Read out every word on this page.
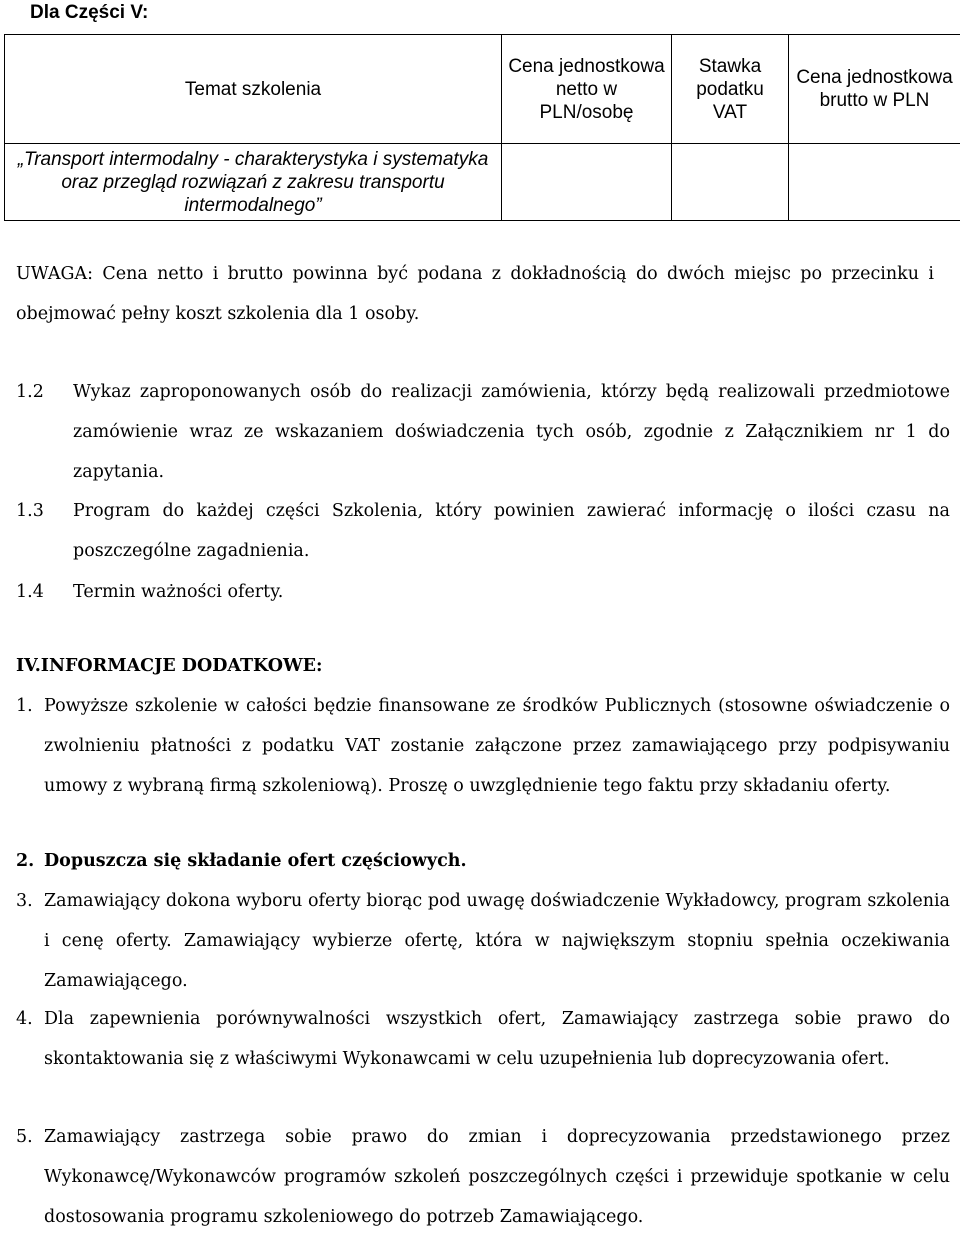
Dla Części V:
Temat szkolenia	Cena jednostkowa netto w PLN/osobę	Stawka podatku VAT	Cena jednostkowa brutto w PLN
„Transport intermodalny - charakterystyka i systematyka oraz przegląd rozwiązań z zakresu transportu intermodalnego”			
UWAGA: Cena netto i brutto powinna być podana z dokładnością do dwóch miejsc po przecinku i obejmować pełny koszt szkolenia dla 1 osoby.
1.2 Wykaz zaproponowanych osób do realizacji zamówienia, którzy będą realizowali przedmiotowe zamówienie wraz ze wskazaniem doświadczenia tych osób, zgodnie z Załącznikiem nr 1 do zapytania.
1.3 Program do każdej części Szkolenia, który powinien zawierać informację o ilości czasu na poszczególne zagadnienia.
1.4 Termin ważności oferty.
IV.INFORMACJE DODATKOWE:
1. Powyższe szkolenie w całości będzie finansowane ze środków Publicznych (stosowne oświadczenie o zwolnieniu płatności z podatku VAT zostanie załączone przez zamawiającego przy podpisywaniu umowy z wybraną firmą szkoleniową). Proszę o uwzględnienie tego faktu przy składaniu oferty.
2. Dopuszcza się składanie ofert częściowych.
3. Zamawiający dokona wyboru oferty biorąc pod uwagę doświadczenie Wykładowcy, program szkolenia i cenę oferty. Zamawiający wybierze ofertę, która w największym stopniu spełnia oczekiwania Zamawiającego.
4. Dla zapewnienia porównywalności wszystkich ofert, Zamawiający zastrzega sobie prawo do skontaktowania się z właściwymi Wykonawcami w celu uzupełnienia lub doprecyzowania ofert.
5. Zamawiający zastrzega sobie prawo do zmian i doprecyzowania przedstawionego przez Wykonawcę/Wykonawców programów szkoleń poszczególnych części i przewiduje spotkanie w celu dostosowania programu szkoleniowego do potrzeb Zamawiającego.
